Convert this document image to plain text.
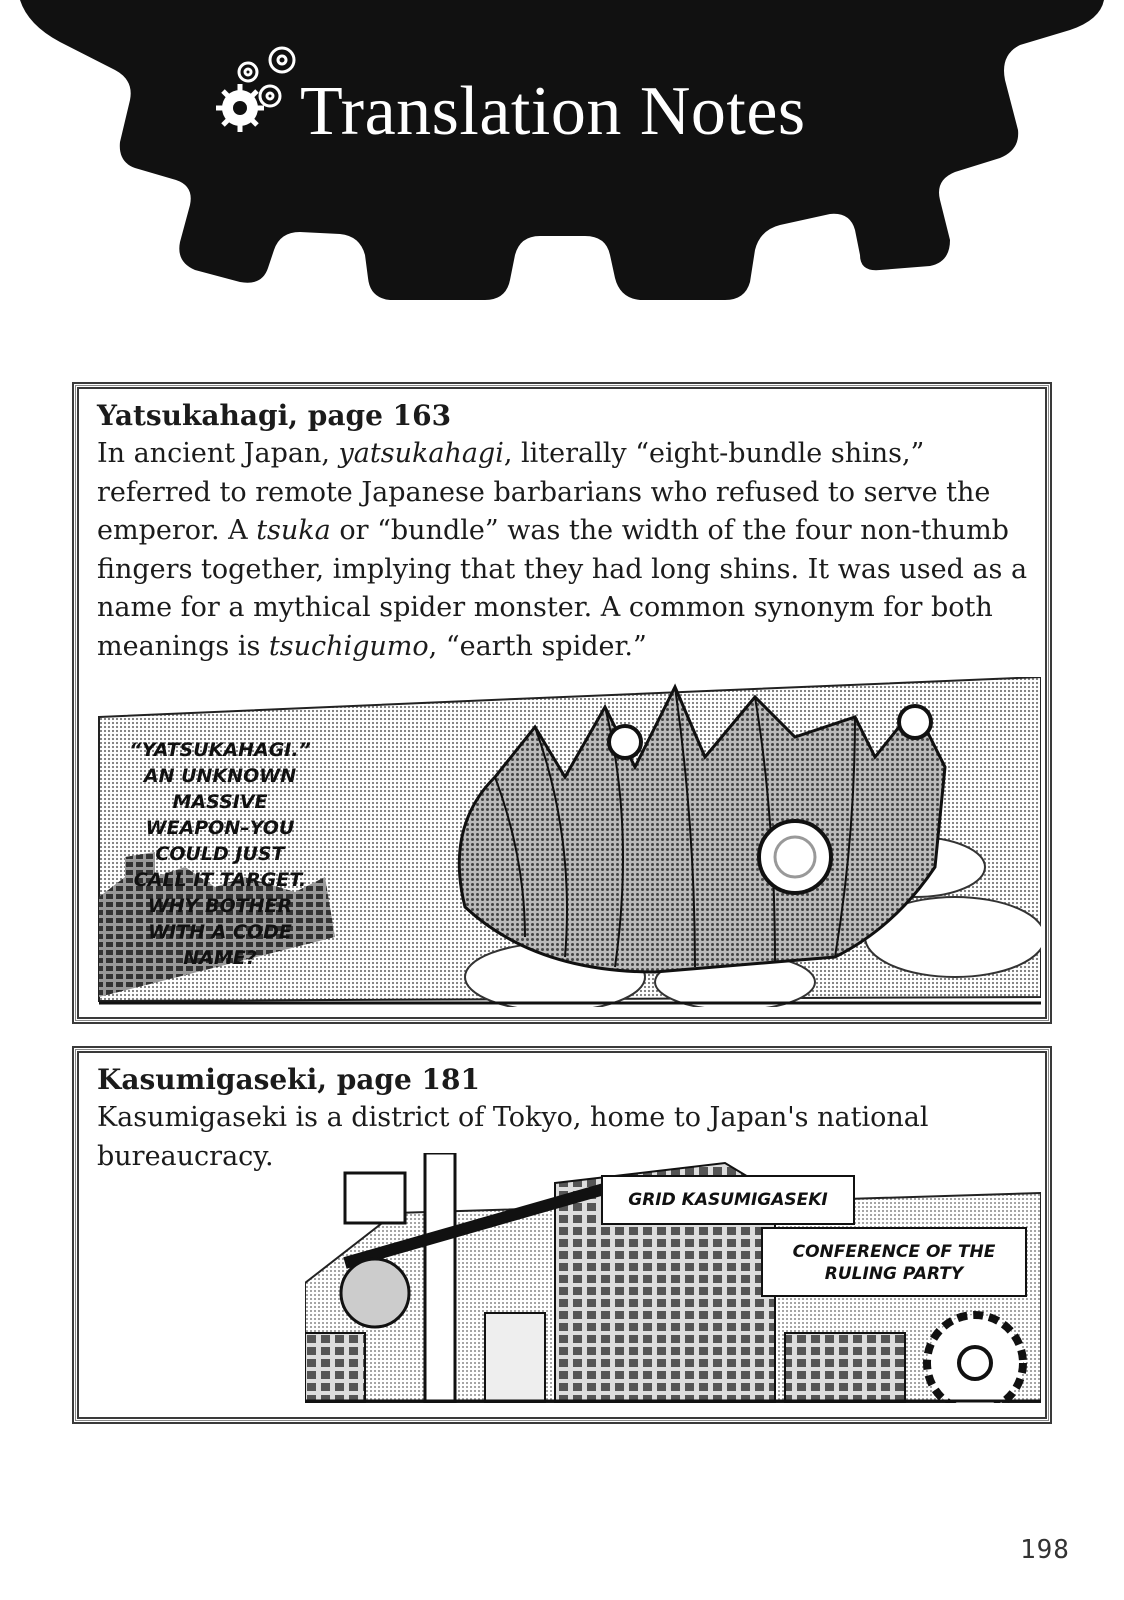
Translation Notes
Yatsukahagi, page 163

In ancient Japan, yatsukahagi, literally “eight-bundle shins,” referred to remote Japanese barbarians who refused to serve the emperor. A tsuka or “bundle” was the width of the four non-thumb fingers together, implying that they had long shins. It was used as a name for a mythical spider monster. A common synonym for both meanings is tsuchigumo, “earth spider.”

“YATSUKAHAGI.”
AN UNKNOWN
MASSIVE
WEAPON–YOU
COULD JUST
CALL IT TARGET.
WHY BOTHER
WITH A CODE
NAME?
Kasumigaseki, page 181

Kasumigaseki is a district of Tokyo, home to Japan's national bureaucracy.

GRID KASUMIGASEKI
CONFERENCE OF THE
RULING PARTY
198
